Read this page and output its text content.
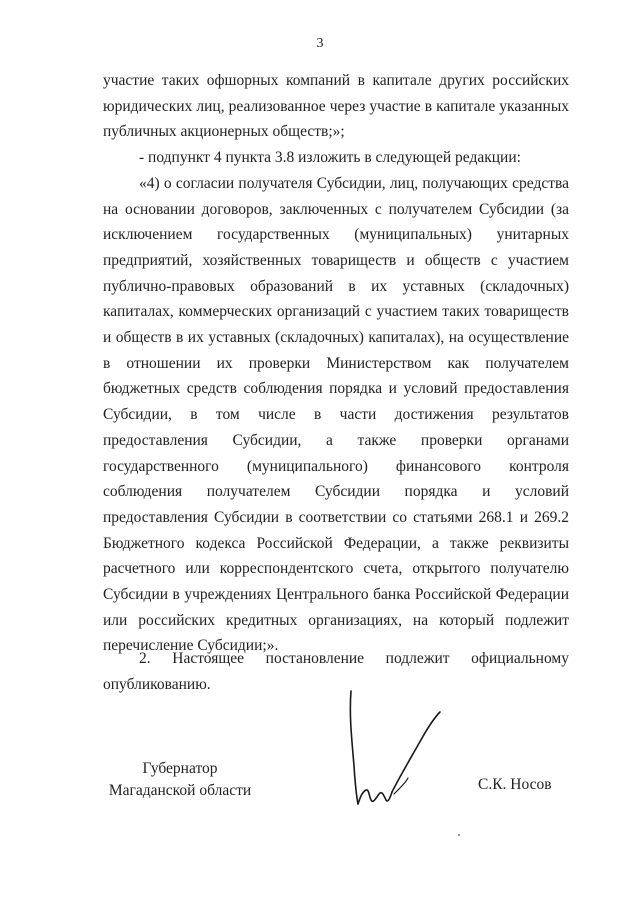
3

участие таких офшорных компаний в капитале других российских юридических лиц, реализованное через участие в капитале указанных публичных акционерных обществ;»;

- подпункт 4 пункта 3.8 изложить в следующей редакции:

«4) о согласии получателя Субсидии, лиц, получающих средства на основании договоров, заключенных с получателем Субсидии (за исключением государственных (муниципальных) унитарных предприятий, хозяйственных товариществ и обществ с участием публично-правовых образований в их уставных (складочных) капиталах, коммерческих организаций с участием таких товариществ и обществ в их уставных (складочных) капиталах), на осуществление в отношении их проверки Министерством как получателем бюджетных средств соблюдения порядка и условий предоставления Субсидии, в том числе в части достижения результатов предоставления Субсидии, а также проверки органами государственного (муниципального) финансового контроля соблюдения получателем Субсидии порядка и условий предоставления Субсидии в соответствии со статьями 268.1 и 269.2 Бюджетного кодекса Российской Федерации, а также реквизиты расчетного или корреспондентского счета, открытого получателю Субсидии в учреждениях Центрального банка Российской Федерации или российских кредитных организациях, на который подлежит перечисление Субсидии;».

2. Настоящее постановление подлежит официальному опубликованию.

Губернатор
Магаданской области	С.К. Носов
